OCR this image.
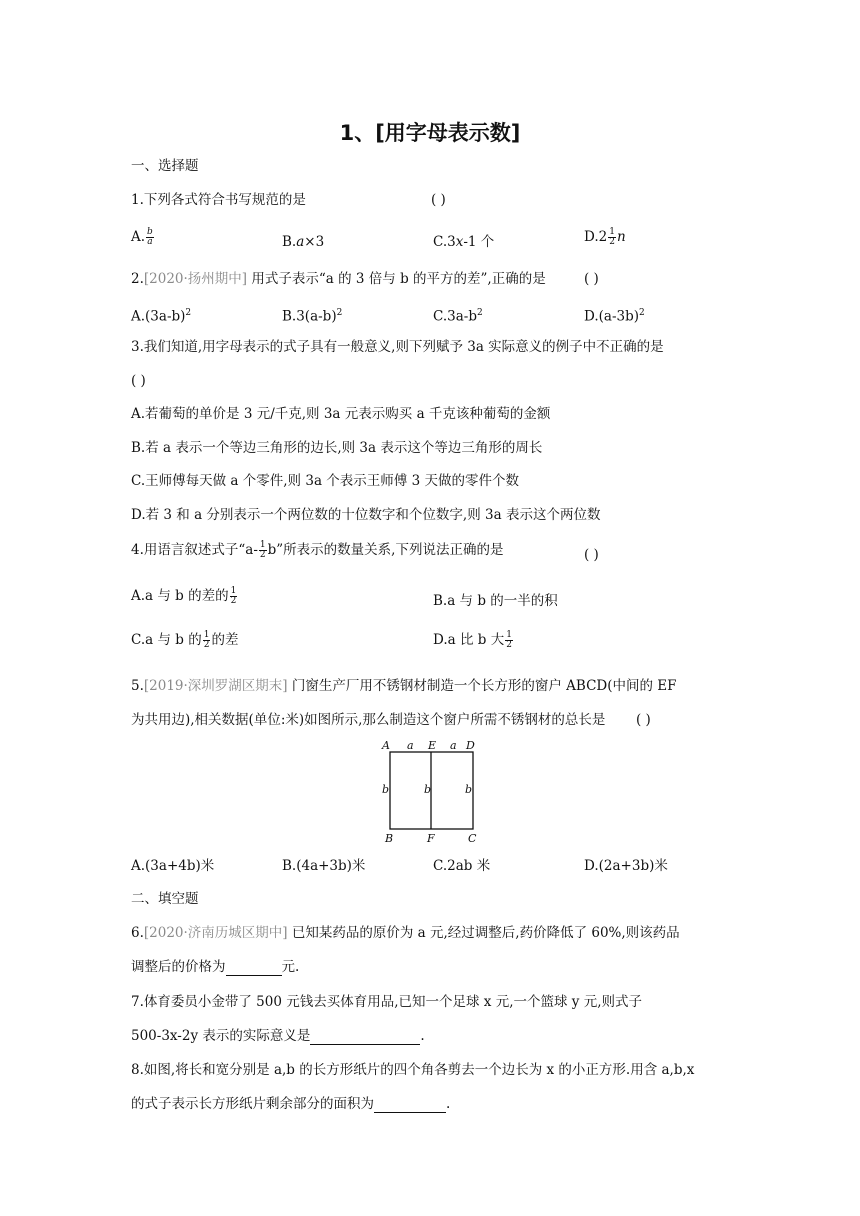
1、[用字母表示数]
一、选择题
1.下列各式符合书写规范的是	( )
A. $\frac{b}{a}$	B.a×3	C.3x-1 个	$D.2 \frac{1}{2}$ n
2.[2020·扬州期中] 用式子表示“a 的 3 倍与 b 的平方的差”,正确的是	( )
$A.(3a-b)^2$	$B.3(a-b)^2$	$C.3a-b^2$	$D.(a-3b)^2$
3.我们知道,用字母表示的式子具有一般意义,则下列赋予 3a 实际意义的例子中不正确的是
( )
A.若葡萄的单价是 3 元/千克,则 3a 元表示购买 a 千克该种葡萄的金额
B.若 a 表示一个等边三角形的边长,则 3a 表示这个等边三角形的周长
C.王师傅每天做 a 个零件,则 3a 个表示王师傅 3 天做的零件个数
D.若 3 和 a 分别表示一个两位数的十位数字和个位数字,则 3a 表示这个两位数
4.用语言叙述式子“$a- \frac{1}{2} b$”所表示的数量关系,下列说法正确的是	( )
A.a 与 b 的差的 $\frac{1}{2}$	B.a 与 b 的一半的积
C.a 与 b 的 $\frac{1}{2}$ 的差	D.a 比 b 大 $\frac{1}{2}$
5.[2019·深圳罗湖区期末] 门窗生产厂用不锈钢材制造一个长方形的窗户 ABCD(中间的 EF
为共用边),相关数据(单位:米)如图所示,那么制造这个窗户所需不锈钢材的总长是 ( )
A a E a D
b	b	b
B	F	C
A.(3a+4b)米	B.(4a+3b)米	C.2ab 米	D.(2a+3b)米
二、填空题
6.[2020·济南历城区期中] 已知某药品的原价为 a 元,经过调整后,药价降低了 60%,则该药品
调整后的价格为	元.
7.体育委员小金带了 500 元钱去买体育用品,已知一个足球 x 元,一个篮球 y 元,则式子
500-3x-2y 表示的实际意义是	.
8.如图,将长和宽分别是 a,b 的长方形纸片的四个角各剪去一个边长为 x 的小正方形.用含 a,b,x
的式子表示长方形纸片剩余部分的面积为	.
